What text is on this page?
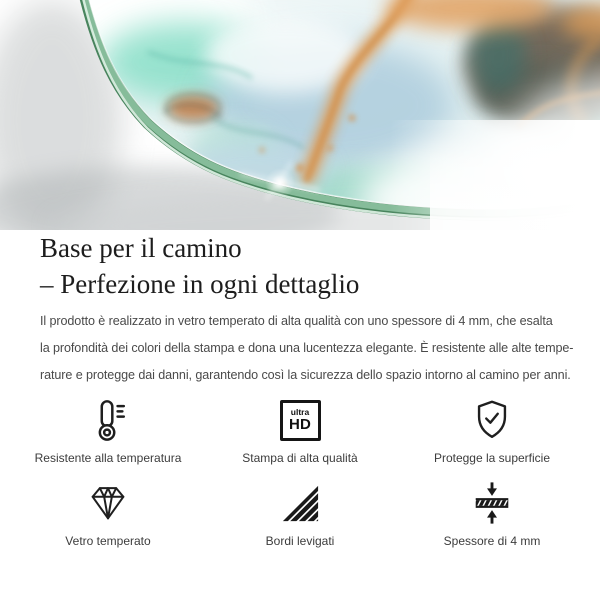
Base per il camino
– Perfezione in ogni dettaglio

Il prodotto è realizzato in vetro temperato di alta qualità con uno spessore di 4 mm, che esalta
la profondità dei colori della stampa e dona una lucentezza elegante. È resistente alle alte tempe-
rature e protegge dai danni, garantendo così la sicurezza dello spazio intorno al camino per anni.

Resistente alla temperatura
ultra
HD
Stampa di alta qualità	Protegge la superficie
Vetro temperato	Bordi levigati	Spessore di 4 mm
